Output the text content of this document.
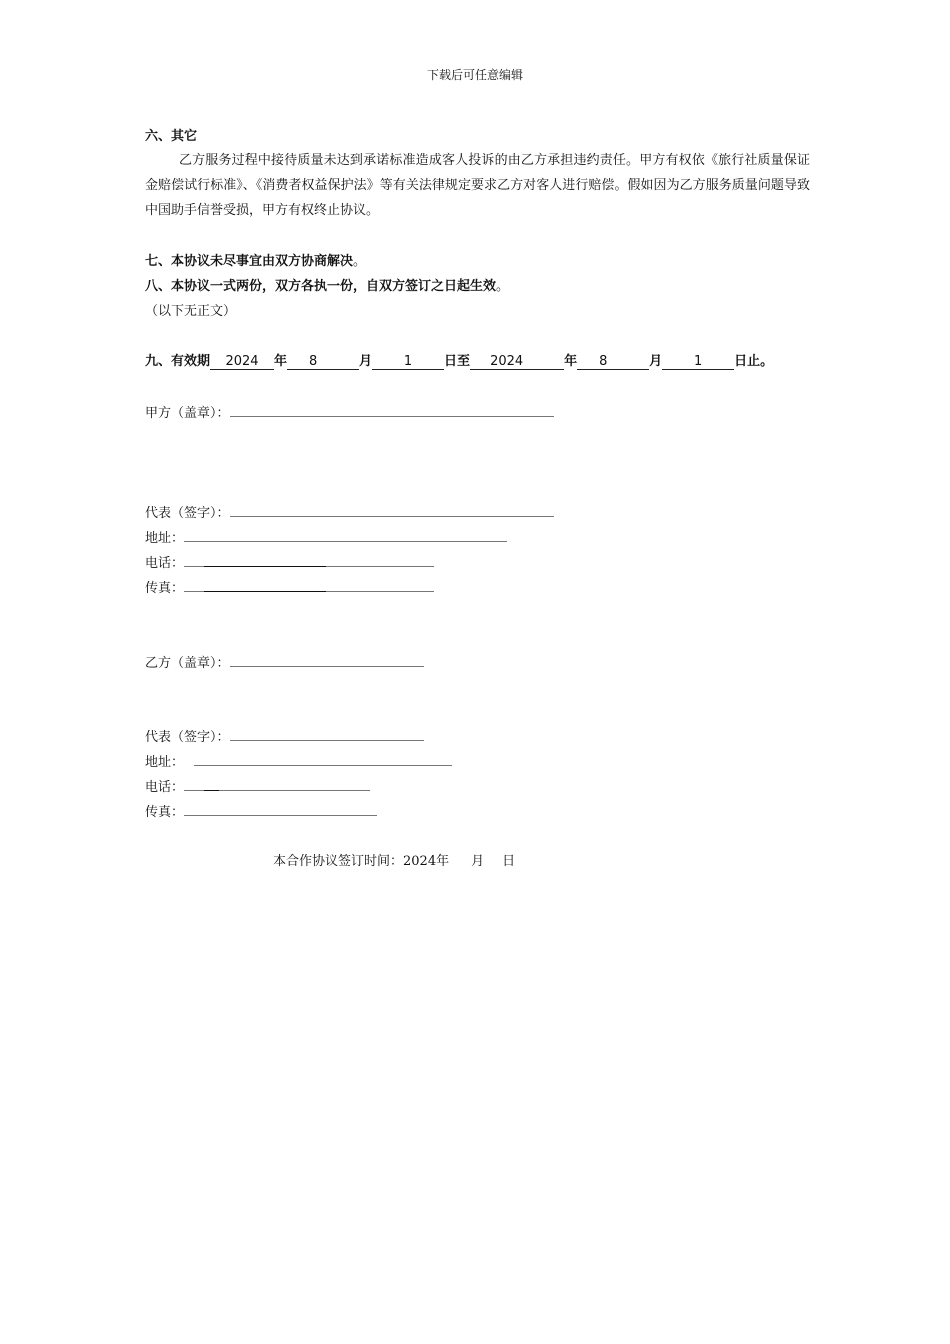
下载后可任意编辑
六、其它
乙方服务过程中接待质量未达到承诺标准造成客人投诉的由乙方承担违约责任。甲方有权依《旅行社质量保证金赔偿试行标准》、《消费者权益保护法》等有关法律规定要求乙方对客人进行赔偿。假如因为乙方服务质量问题导致中国助手信誉受损，甲方有权终止协议。
七、本协议未尽事宜由双方协商解决。
八、本协议一式两份，双方各执一份，自双方签订之日起生效。
（以下无正文）
九、有效期 2024 年 8	月 1 日至 2024	年 8	月 1 日止。
甲方（盖章）：
代表（签字）：
地址：
电话：
传真：
乙方（盖章）：
代表（签字）：
地址：
电话：
传真：
本合作协议签订时间：2024年 月 日
